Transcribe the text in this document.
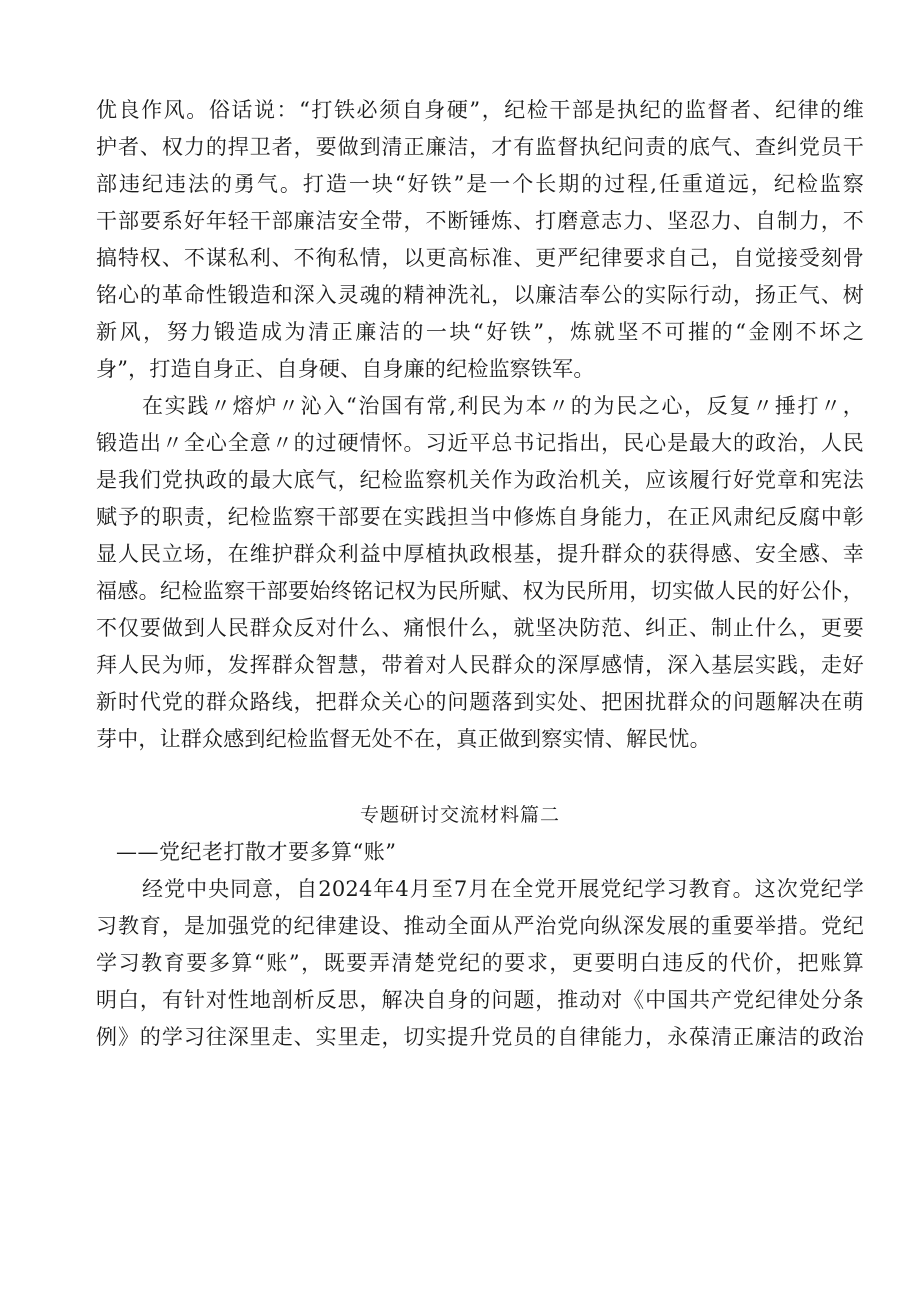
优良作风。俗话说：“打铁必须自身硬”，纪检干部是执纪的监督者、纪律的维
护者、权力的捍卫者，要做到清正廉洁，才有监督执纪问责的底气、查纠党员干
部违纪违法的勇气。打造一块“好铁”是一个长期的过程,任重道远，纪检监察
干部要系好年轻干部廉洁安全带，不断锤炼、打磨意志力、坚忍力、自制力，不
搞特权、不谋私利、不徇私情，以更高标准、更严纪律要求自己，自觉接受刻骨
铭心的革命性锻造和深入灵魂的精神洗礼，以廉洁奉公的实际行动，扬正气、树
新风，努力锻造成为清正廉洁的一块“好铁”，炼就坚不可摧的“金刚不坏之
身”，打造自身正、自身硬、自身廉的纪检监察铁军。
在实践〃熔炉〃沁入“治国有常,利民为本〃的为民之心，反复〃捶打〃，
锻造出〃全心全意〃的过硬情怀。习近平总书记指出，民心是最大的政治，人民
是我们党执政的最大底气，纪检监察机关作为政治机关，应该履行好党章和宪法
赋予的职责，纪检监察干部要在实践担当中修炼自身能力，在正风肃纪反腐中彰
显人民立场，在维护群众利益中厚植执政根基，提升群众的获得感、安全感、幸
福感。纪检监察干部要始终铭记权为民所赋、权为民所用，切实做人民的好公仆，
不仅要做到人民群众反对什么、痛恨什么，就坚决防范、纠正、制止什么，更要
拜人民为师，发挥群众智慧，带着对人民群众的深厚感情，深入基层实践，走好
新时代党的群众路线，把群众关心的问题落到实处、把困扰群众的问题解决在萌
芽中，让群众感到纪检监督无处不在，真正做到察实情、解民忧。
专题研讨交流材料篇二
——党纪老打散才要多算“账”
经党中央同意，自2024年4月至7月在全党开展党纪学习教育。这次党纪学
习教育，是加强党的纪律建设、推动全面从严治党向纵深发展的重要举措。党纪
学习教育要多算“账”，既要弄清楚党纪的要求，更要明白违反的代价，把账算
明白，有针对性地剖析反思，解决自身的问题，推动对《中国共产党纪律处分条
例》的学习往深里走、实里走，切实提升党员的自律能力，永葆清正廉洁的政治
